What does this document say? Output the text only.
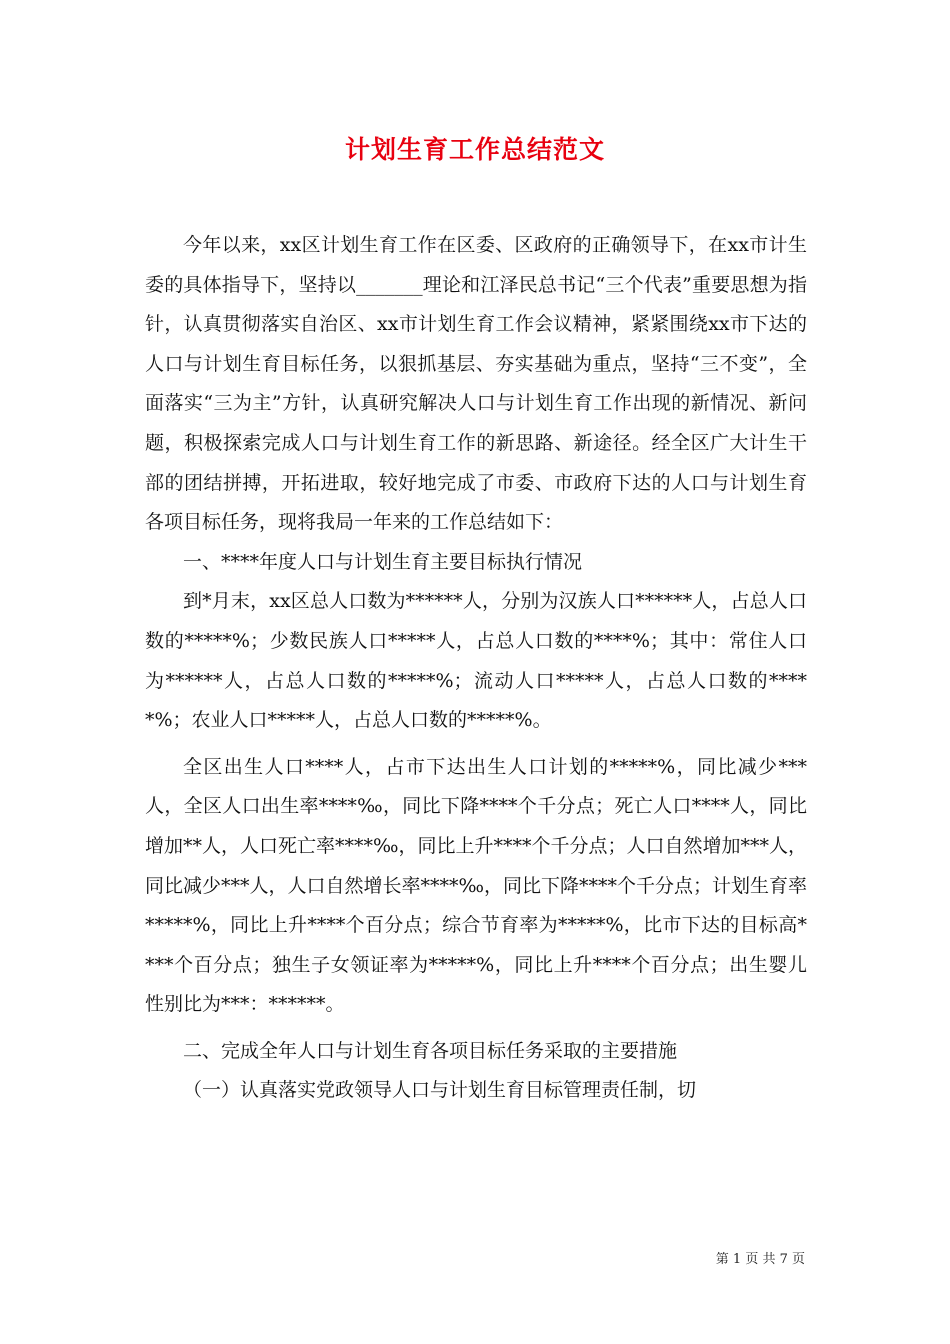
计划生育工作总结范文

今年以来，xx区计划生育工作在区委、区政府的正确领导下，在xx市计生委的具体指导下，坚持以_______理论和江泽民总书记“三个代表”重要思想为指针，认真贯彻落实自治区、xx市计划生育工作会议精神，紧紧围绕xx市下达的人口与计划生育目标任务，以狠抓基层、夯实基础为重点，坚持“三不变”，全面落实“三为主”方针，认真研究解决人口与计划生育工作出现的新情况、新问题，积极探索完成人口与计划生育工作的新思路、新途径。经全区广大计生干部的团结拼搏，开拓进取，较好地完成了市委、市政府下达的人口与计划生育各项目标任务，现将我局一年来的工作总结如下：

一、****年度人口与计划生育主要目标执行情况

到*月末，xx区总人口数为******人，分别为汉族人口******人，占总人口数的*****%；少数民族人口*****人，占总人口数的****%；其中：常住人口为******人，占总人口数的*****%；流动人口*****人，占总人口数的*****%；农业人口*****人，占总人口数的*****%。

全区出生人口****人，占市下达出生人口计划的*****%，同比减少***人，全区人口出生率****‰，同比下降****个千分点；死亡人口****人，同比增加**人，人口死亡率****‰，同比上升****个千分点；人口自然增加***人，同比减少***人，人口自然增长率****‰，同比下降****个千分点；计划生育率*****%，同比上升****个百分点；综合节育率为*****%，比市下达的目标高****个百分点；独生子女领证率为*****%，同比上升****个百分点；出生婴儿性别比为***：******。

二、完成全年人口与计划生育各项目标任务采取的主要措施

（一）认真落实党政领导人口与计划生育目标管理责任制，切

第 1 页 共 7 页
